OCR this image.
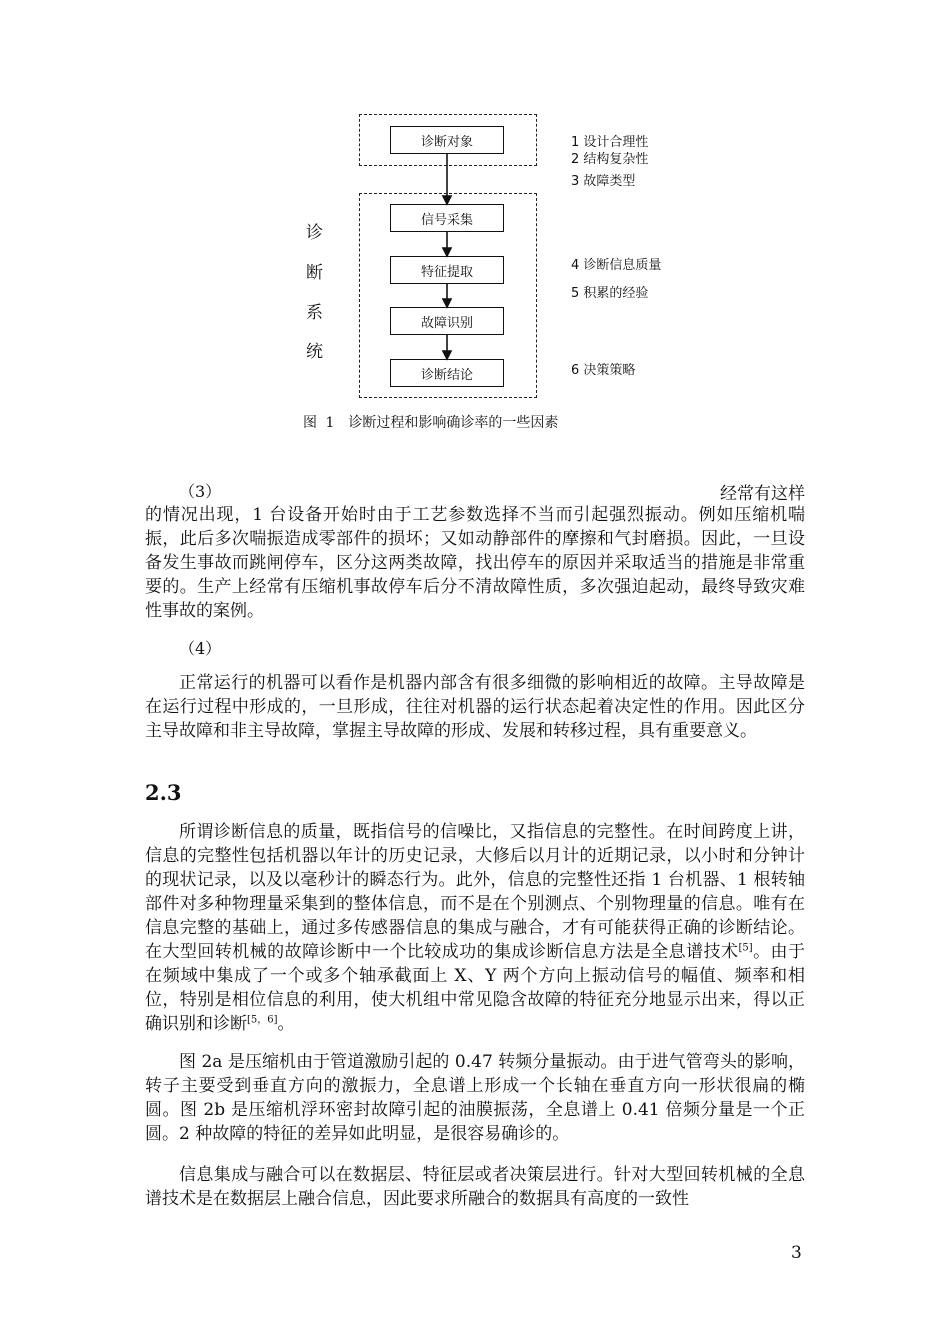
诊断对象
信号采集
特征提取
故障识别
诊断结论
诊
断
系
统
1 设计合理性
2 结构复杂性
3 故障类型
4 诊断信息质量
5 积累的经验
6 决策策略
图 1　诊断过程和影响确诊率的一些因素
（3）	经常有这样
的情况出现，1 台设备开始时由于工艺参数选择不当而引起强烈振动。例如压缩机喘振，此后多次喘振造成零部件的损坏；又如动静部件的摩擦和气封磨损。因此，一旦设备发生事故而跳闸停车，区分这两类故障，找出停车的原因并采取适当的措施是非常重要的。生产上经常有压缩机事故停车后分不清故障性质，多次强迫起动，最终导致灾难性事故的案例。
（4）
正常运行的机器可以看作是机器内部含有很多细微的影响相近的故障。主导故障是在运行过程中形成的，一旦形成，往往对机器的运行状态起着决定性的作用。因此区分主导故障和非主导故障，掌握主导故障的形成、发展和转移过程，具有重要意义。
2.3
所谓诊断信息的质量，既指信号的信噪比，又指信息的完整性。在时间跨度上讲，信息的完整性包括机器以年计的历史记录，大修后以月计的近期记录，以小时和分钟计的现状记录，以及以毫秒计的瞬态行为。此外，信息的完整性还指 1 台机器、1 根转轴部件对多种物理量采集到的整体信息，而不是在个别测点、个别物理量的信息。唯有在信息完整的基础上，通过多传感器信息的集成与融合，才有可能获得正确的诊断结论。在大型回转机械的故障诊断中一个比较成功的集成诊断信息方法是全息谱技术[5]。由于在频域中集成了一个或多个轴承截面上 X、Y 两个方向上振动信号的幅值、频率和相位，特别是相位信息的利用，使大机组中常见隐含故障的特征充分地显示出来，得以正确识别和诊断[5，6]。
图 2a 是压缩机由于管道激励引起的 0.47 转频分量振动。由于进气管弯头的影响，转子主要受到垂直方向的激振力，全息谱上形成一个长轴在垂直方向一形状很扁的椭圆。图 2b 是压缩机浮环密封故障引起的油膜振荡，全息谱上 0.41 倍频分量是一个正圆。2 种故障的特征的差异如此明显，是很容易确诊的。
信息集成与融合可以在数据层、特征层或者决策层进行。针对大型回转机械的全息谱技术是在数据层上融合信息，因此要求所融合的数据具有高度的一致性
3
